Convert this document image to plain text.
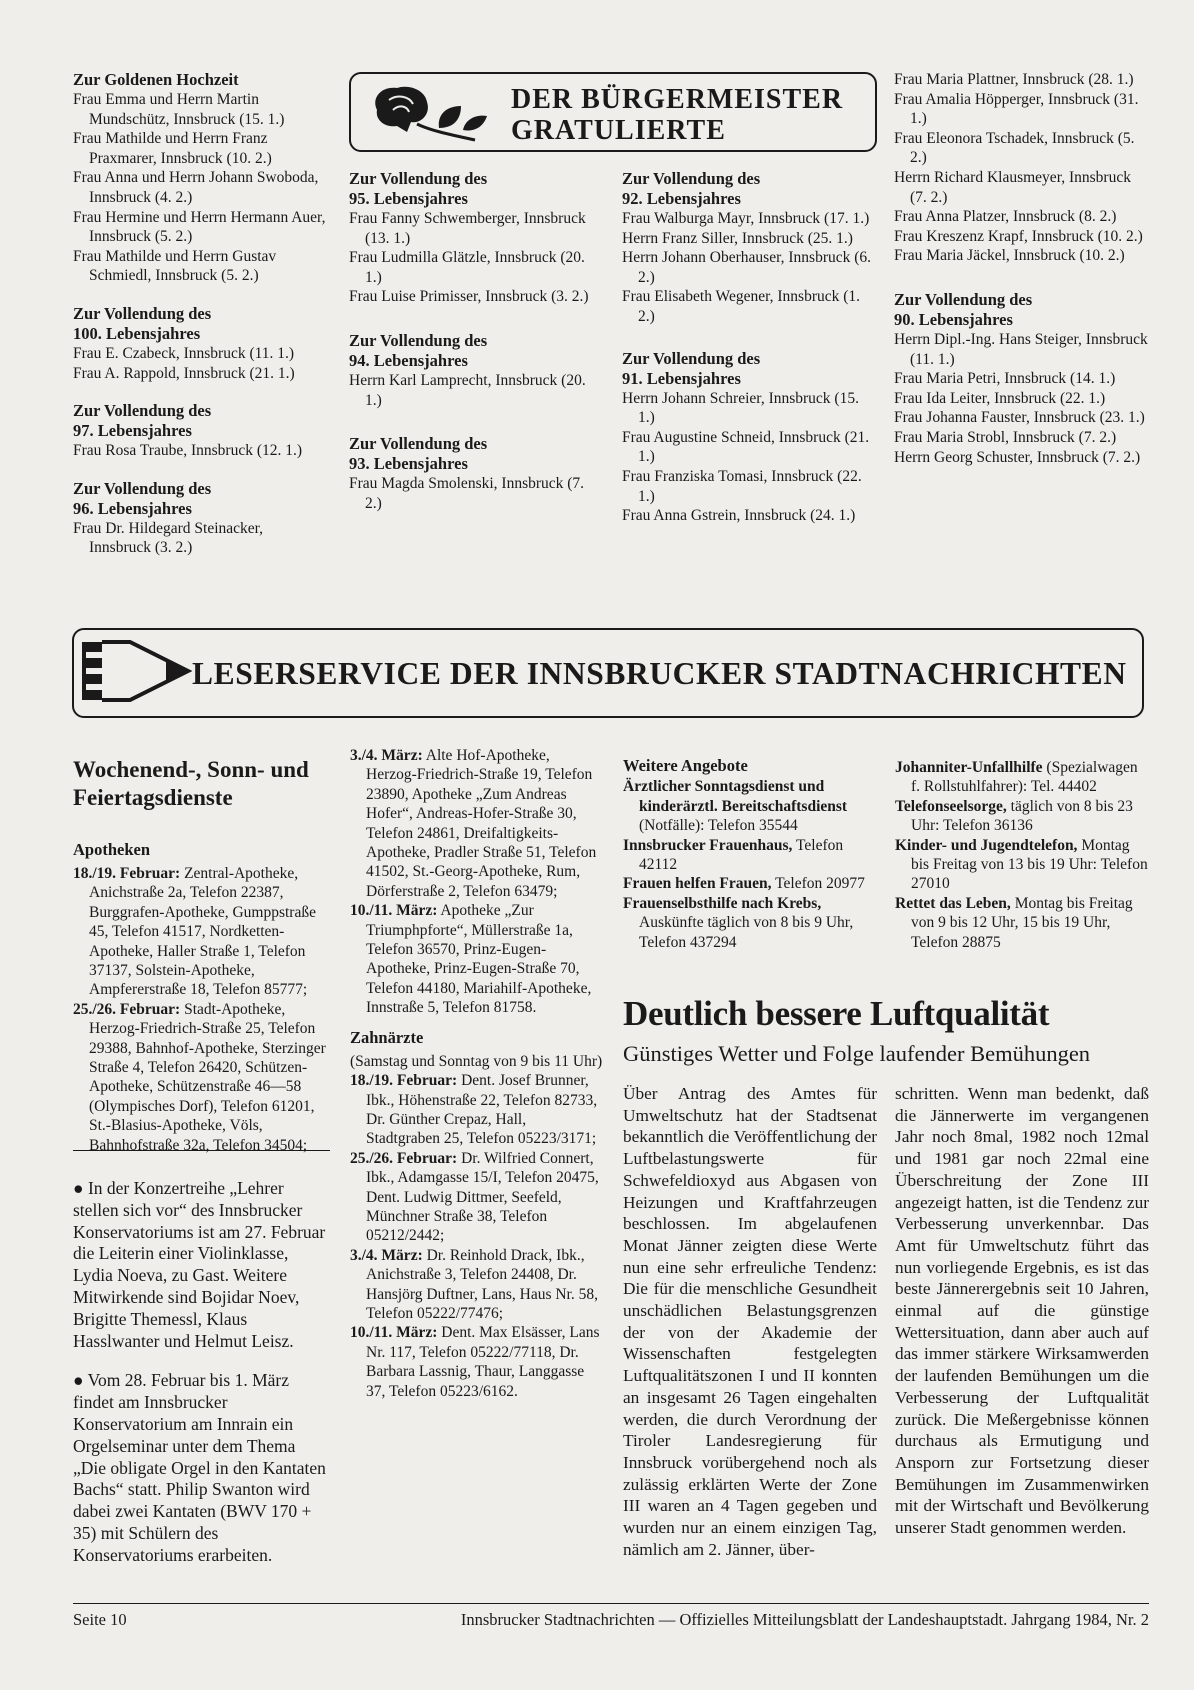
DER BÜRGERMEISTER
GRATULIERTE

Zur Goldenen Hochzeit

Frau Emma und Herrn Martin Mundschütz, Innsbruck (15. 1.)

Frau Mathilde und Herrn Franz Praxmarer, Innsbruck (10. 2.)

Frau Anna und Herrn Johann Swoboda, Innsbruck (4. 2.)

Frau Hermine und Herrn Hermann Auer, Innsbruck (5. 2.)

Frau Mathilde und Herrn Gustav Schmiedl, Innsbruck (5. 2.)

Zur Vollendung des

100. Lebensjahres

Frau E. Czabeck, Innsbruck (11. 1.)

Frau A. Rappold, Innsbruck (21. 1.)

Zur Vollendung des

97. Lebensjahres

Frau Rosa Traube, Innsbruck (12. 1.)

Zur Vollendung des

96. Lebensjahres

Frau Dr. Hildegard Steinacker, Innsbruck (3. 2.)

Zur Vollendung des

95. Lebensjahres

Frau Fanny Schwemberger, Innsbruck (13. 1.)

Frau Ludmilla Glätzle, Innsbruck (20. 1.)

Frau Luise Primisser, Innsbruck (3. 2.)

Zur Vollendung des

94. Lebensjahres

Herrn Karl Lamprecht, Innsbruck (20. 1.)

Zur Vollendung des

93. Lebensjahres

Frau Magda Smolenski, Innsbruck (7. 2.)

Zur Vollendung des

92. Lebensjahres

Frau Walburga Mayr, Innsbruck (17. 1.)

Herrn Franz Siller, Innsbruck (25. 1.)

Herrn Johann Oberhauser, Innsbruck (6. 2.)

Frau Elisabeth Wegener, Innsbruck (1. 2.)

Zur Vollendung des

91. Lebensjahres

Herrn Johann Schreier, Innsbruck (15. 1.)

Frau Augustine Schneid, Innsbruck (21. 1.)

Frau Franziska Tomasi, Innsbruck (22. 1.)

Frau Anna Gstrein, Innsbruck (24. 1.)

Frau Maria Plattner, Innsbruck (28. 1.)

Frau Amalia Höpperger, Innsbruck (31. 1.)

Frau Eleonora Tschadek, Innsbruck (5. 2.)

Herrn Richard Klausmeyer, Innsbruck (7. 2.)

Frau Anna Platzer, Innsbruck (8. 2.)

Frau Kreszenz Krapf, Innsbruck (10. 2.)

Frau Maria Jäckel, Innsbruck (10. 2.)

Zur Vollendung des

90. Lebensjahres

Herrn Dipl.-Ing. Hans Steiger, Innsbruck (11. 1.)

Frau Maria Petri, Innsbruck (14. 1.)

Frau Ida Leiter, Innsbruck (22. 1.)

Frau Johanna Fauster, Innsbruck (23. 1.)

Frau Maria Strobl, Innsbruck (7. 2.)

Herrn Georg Schuster, Innsbruck (7. 2.)

LESERSERVICE DER INNSBRUCKER STADTNACHRICHTEN

Wochenend-, Sonn- und Feiertagsdienste

Apotheken

18./19. Februar: Zentral-Apotheke, Anichstraße 2a, Telefon 22387, Burggrafen-Apotheke, Gumppstraße 45, Telefon 41517, Nordketten-Apotheke, Haller Straße 1, Telefon 37137, Solstein-Apotheke, Ampfererstraße 18, Telefon 85777;

25./26. Februar: Stadt-Apotheke, Herzog-Friedrich-Straße 25, Telefon 29388, Bahnhof-Apotheke, Sterzinger Straße 4, Telefon 26420, Schützen-Apotheke, Schützenstraße 46—58 (Olympisches Dorf), Telefon 61201, St.-Blasius-Apotheke, Völs, Bahnhofstraße 32a, Telefon 34504;

3./4. März: Alte Hof-Apotheke, Herzog-Friedrich-Straße 19, Telefon 23890, Apotheke „Zum Andreas Hofer“, Andreas-Hofer-Straße 30, Telefon 24861, Dreifaltigkeits-Apotheke, Pradler Straße 51, Telefon 41502, St.-Georg-Apotheke, Rum, Dörferstraße 2, Telefon 63479;

10./11. März: Apotheke „Zur Triumphpforte“, Müllerstraße 1a, Telefon 36570, Prinz-Eugen-Apotheke, Prinz-Eugen-Straße 70, Telefon 44180, Mariahilf-Apotheke, Innstraße 5, Telefon 81758.

Zahnärzte

(Samstag und Sonntag von 9 bis 11 Uhr)

18./19. Februar: Dent. Josef Brunner, Ibk., Höhenstraße 22, Telefon 82733, Dr. Günther Crepaz, Hall, Stadtgraben 25, Telefon 05223/3171;

25./26. Februar: Dr. Wilfried Connert, Ibk., Adamgasse 15/I, Telefon 20475, Dent. Ludwig Dittmer, Seefeld, Münchner Straße 38, Telefon 05212/2442;

3./4. März: Dr. Reinhold Drack, Ibk., Anichstraße 3, Telefon 24408, Dr. Hansjörg Duftner, Lans, Haus Nr. 58, Telefon 05222/77476;

10./11. März: Dent. Max Elsässer, Lans Nr. 117, Telefon 05222/77118, Dr. Barbara Lassnig, Thaur, Langgasse 37, Telefon 05223/6162.

● In der Konzertreihe „Lehrer stellen sich vor“ des Innsbrucker Konservatoriums ist am 27. Februar die Leiterin einer Violinklasse, Lydia Noeva, zu Gast. Weitere Mitwirkende sind Bojidar Noev, Brigitte Themessl, Klaus Hasslwanter und Helmut Leisz.

● Vom 28. Februar bis 1. März findet am Innsbrucker Konservatorium am Innrain ein Orgelseminar unter dem Thema „Die obligate Orgel in den Kantaten Bachs“ statt. Philip Swanton wird dabei zwei Kantaten (BWV 170 + 35) mit Schülern des Konservatoriums erarbeiten.

Weitere Angebote

Ärztlicher Sonntagsdienst und kinderärztl. Bereitschaftsdienst (Notfälle): Telefon 35544

Innsbrucker Frauenhaus, Telefon 42112

Frauen helfen Frauen, Telefon 20977

Frauenselbsthilfe nach Krebs, Auskünfte täglich von 8 bis 9 Uhr, Telefon 437294

Johanniter-Unfallhilfe (Spezialwagen f. Rollstuhlfahrer): Tel. 44402

Telefonseelsorge, täglich von 8 bis 23 Uhr: Telefon 36136

Kinder- und Jugendtelefon, Montag bis Freitag von 13 bis 19 Uhr: Telefon 27010

Rettet das Leben, Montag bis Freitag von 9 bis 12 Uhr, 15 bis 19 Uhr, Telefon 28875

Deutlich bessere Luftqualität
Günstiges Wetter und Folge laufender Bemühungen
Über Antrag des Amtes für Umweltschutz hat der Stadtsenat bekanntlich die Veröffentlichung der Luftbelastungswerte für Schwefeldioxyd aus Abgasen von Heizungen und Kraftfahrzeugen beschlossen. Im abgelaufenen Monat Jänner zeigten diese Werte nun eine sehr erfreuliche Tendenz: Die für die menschliche Gesundheit unschädlichen Belastungsgrenzen der von der Akademie der Wissenschaften festgelegten Luftqualitätszonen I und II konnten an insgesamt 26 Tagen eingehalten werden, die durch Verordnung der Tiroler Landesregierung für Innsbruck vorübergehend noch als zulässig erklärten Werte der Zone III waren an 4 Tagen gegeben und wurden nur an einem einzigen Tag, nämlich am 2. Jänner, über-
schritten. Wenn man bedenkt, daß die Jännerwerte im vergangenen Jahr noch 8mal, 1982 noch 12mal und 1981 gar noch 22mal eine Überschreitung der Zone III angezeigt hatten, ist die Tendenz zur Verbesserung unverkennbar. Das Amt für Umweltschutz führt das nun vorliegende Ergebnis, es ist das beste Jännerergebnis seit 10 Jahren, einmal auf die günstige Wettersituation, dann aber auch auf das immer stärkere Wirksamwerden der laufenden Bemühungen um die Verbesserung der Luftqualität zurück. Die Meßergebnisse können durchaus als Ermutigung und Ansporn zur Fortsetzung dieser Bemühungen im Zusammenwirken mit der Wirtschaft und Bevölkerung unserer Stadt genommen werden.
Seite 10	Innsbrucker Stadtnachrichten — Offizielles Mitteilungsblatt der Landeshauptstadt. Jahrgang 1984, Nr. 2
